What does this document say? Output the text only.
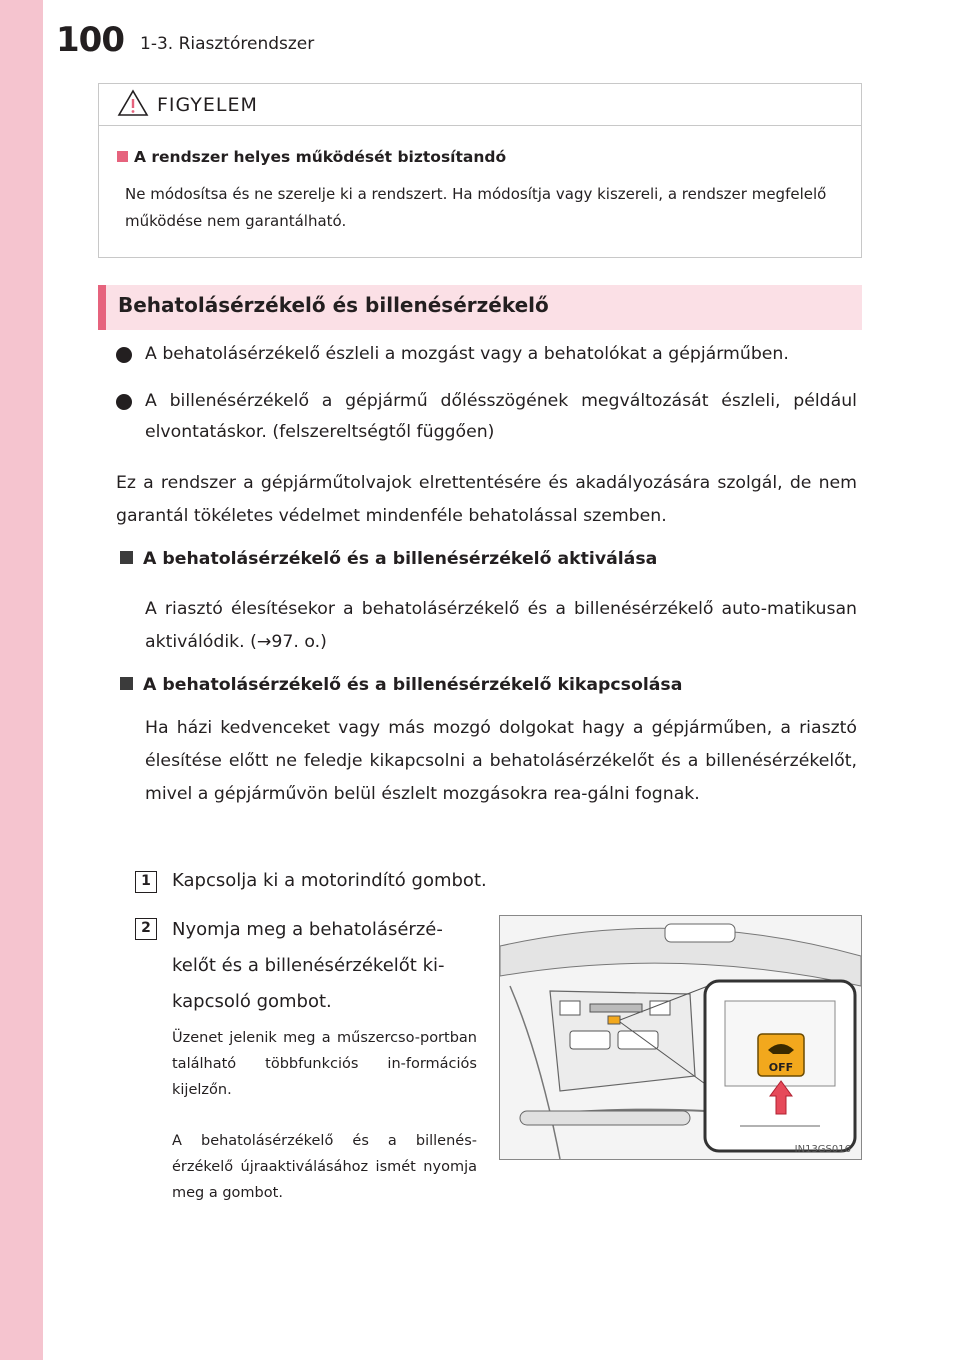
100 1-3. Riasztórendszer
FIGYELEM
A rendszer helyes működését biztosítandó
Ne módosítsa és ne szerelje ki a rendszert. Ha módosítja vagy kiszereli, a rendszer megfelelő működése nem garantálható.
Behatolásérzékelő és billenésérzékelő
A behatolásérzékelő észleli a mozgást vagy a behatolókat a gépjárműben.
A billenésérzékelő a gépjármű dőlésszögének megváltozását észleli, például elvontatáskor. (felszereltségtől függően)
Ez a rendszer a gépjárműtolvajok elrettentésére és akadályozására szolgál, de nem garantál tökéletes védelmet mindenféle behatolással szemben.
A behatolásérzékelő és a billenésérzékelő aktiválása
A riasztó élesítésekor a behatolásérzékelő és a billenésérzékelő auto-matikusan aktiválódik. (→97. o.)
A behatolásérzékelő és a billenésérzékelő kikapcsolása
Ha házi kedvenceket vagy más mozgó dolgokat hagy a gépjárműben, a riasztó élesítése előtt ne feledje kikapcsolni a behatolásérzékelőt és a billenésérzékelőt, mivel a gépjárművön belül észlelt mozgásokra rea-gálni fognak.
1	Kapcsolja ki a motorindító gombot.
2	Nyomja meg a behatolásérzé-kelőt és a billenésérzékelőt ki-kapcsoló gombot.
Üzenet jelenik meg a műszercso-portban található többfunkciós in-formációs kijelzőn.
A behatolásérzékelő és a billenés-érzékelő újraaktiválásához ismét nyomja meg a gombot.
OFF
IN13GS016
